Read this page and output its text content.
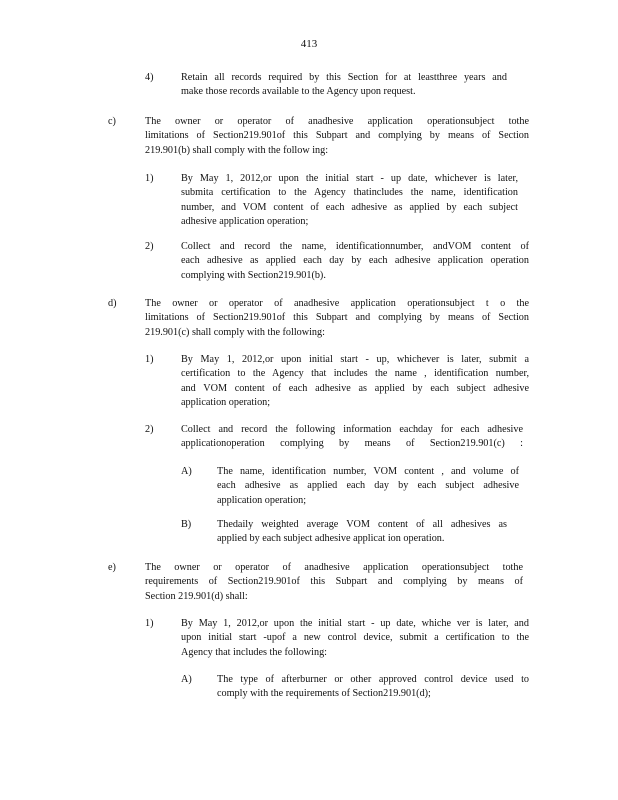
413
4)	Retain all records required by this Section for at leastthree years and
make those records available to the Agency upon request.
c)	The owner or operator of anadhesive application operationsubject tothe
limitations of Section219.901of this Subpart and complying by means of Section
219.901(b) shall comply with the follow ing:
1)	By May 1, 2012,or upon the initial start - up date, whichever is later,
submita certification to the Agency thatincludes the name, identification
number, and VOM content of each adhesive as applied by each subject
adhesive application operation;
2)	Collect and record the name, identificationnumber, andVOM content of
each adhesive as applied each day by each adhesive application operation
complying with Section219.901(b).
d)	The owner or operator of anadhesive application operationsubject t o the
limitations of Section219.901of this Subpart and complying by means of Section
219.901(c) shall comply with the following:
1)	By May 1, 2012,or upon initial start - up, whichever is later, submit a
certification to the Agency that includes the name , identification number,
and VOM content of each adhesive as applied by each subject adhesive
application operation;
2)	Collect and record the following information eachday for each adhesive
applicationoperation complying by means of Section219.901(c) :
A) The name, identification number, VOM content , and volume of
each adhesive as applied each day by each subject adhesive
application operation;
B)	Thedaily weighted average VOM content of all adhesives as
applied by each subject adhesive applicat ion operation.
e)	The owner or operator of anadhesive application operationsubject tothe
requirements of Section219.901of this Subpart and complying by means of
Section 219.901(d) shall:
1)	By May 1, 2012,or upon the initial start - up date, whiche ver is later, and
upon initial start -upof a new control device, submit a certification to the
Agency that includes the following:
A) The type of afterburner or other approved control device used to
comply with the requirements of Section219.901(d);
